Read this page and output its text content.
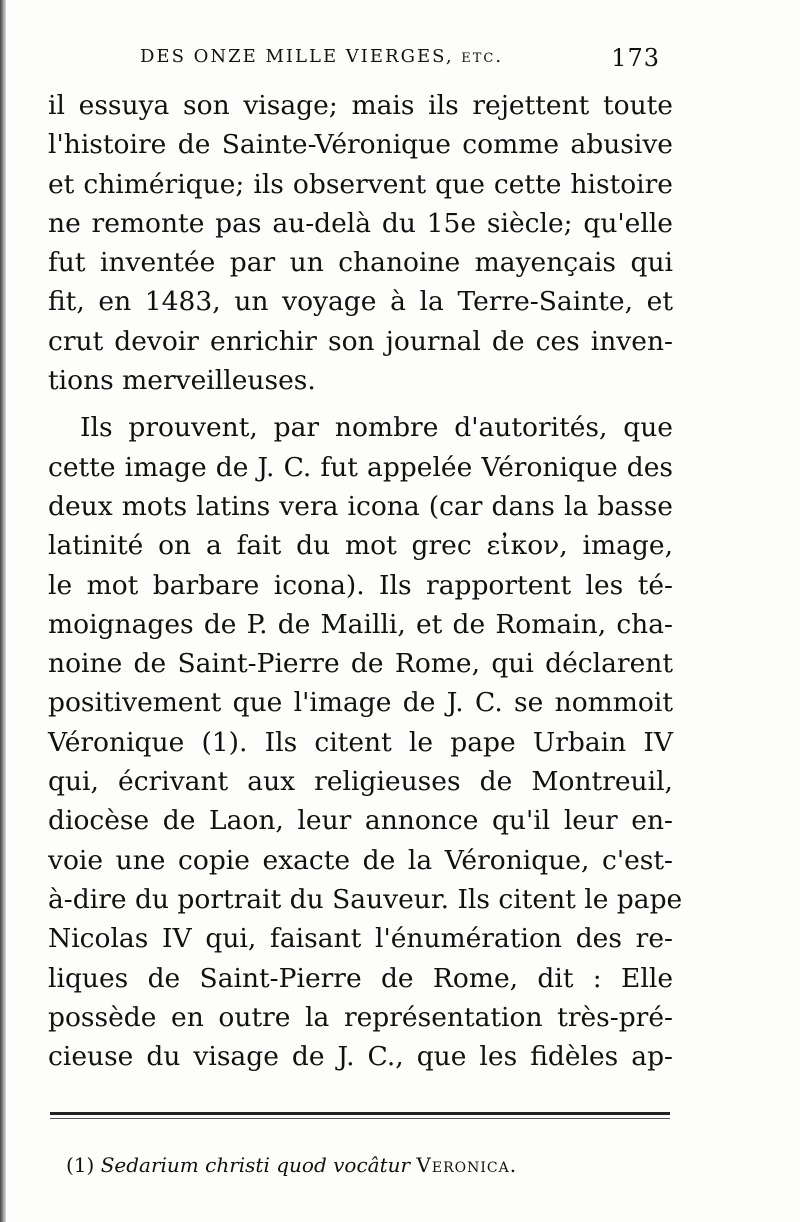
DES ONZE MILLE VIERGES, etc.	173
il essuya son visage; mais ils rejettent toute
l'histoire de Sainte-Véronique comme abusive
et chimérique; ils observent que cette histoire
ne remonte pas au-delà du 15e siècle; qu'elle
fut inventée par un chanoine mayençais qui
fit, en 1483, un voyage à la Terre-Sainte, et
crut devoir enrichir son journal de ces inven-
tions merveilleuses.
Ils prouvent, par nombre d'autorités, que
cette image de J. C. fut appelée Véronique des
deux mots latins vera icona (car dans la basse
latinité on a fait du mot grec εἰκον, image,
le mot barbare icona). Ils rapportent les té-
moignages de P. de Mailli, et de Romain, cha-
noine de Saint-Pierre de Rome, qui déclarent
positivement que l'image de J. C. se nommoit
Véronique (1). Ils citent le pape Urbain IV
qui, écrivant aux religieuses de Montreuil,
diocèse de Laon, leur annonce qu'il leur en-
voie une copie exacte de la Véronique, c'est-
à-dire du portrait du Sauveur. Ils citent le pape
Nicolas IV qui, faisant l'énumération des re-
liques de Saint-Pierre de Rome, dit : Elle
possède en outre la représentation très-pré-
cieuse du visage de J. C., que les fidèles ap-
(1) Sedarium christi quod vocâtur Veronica.
